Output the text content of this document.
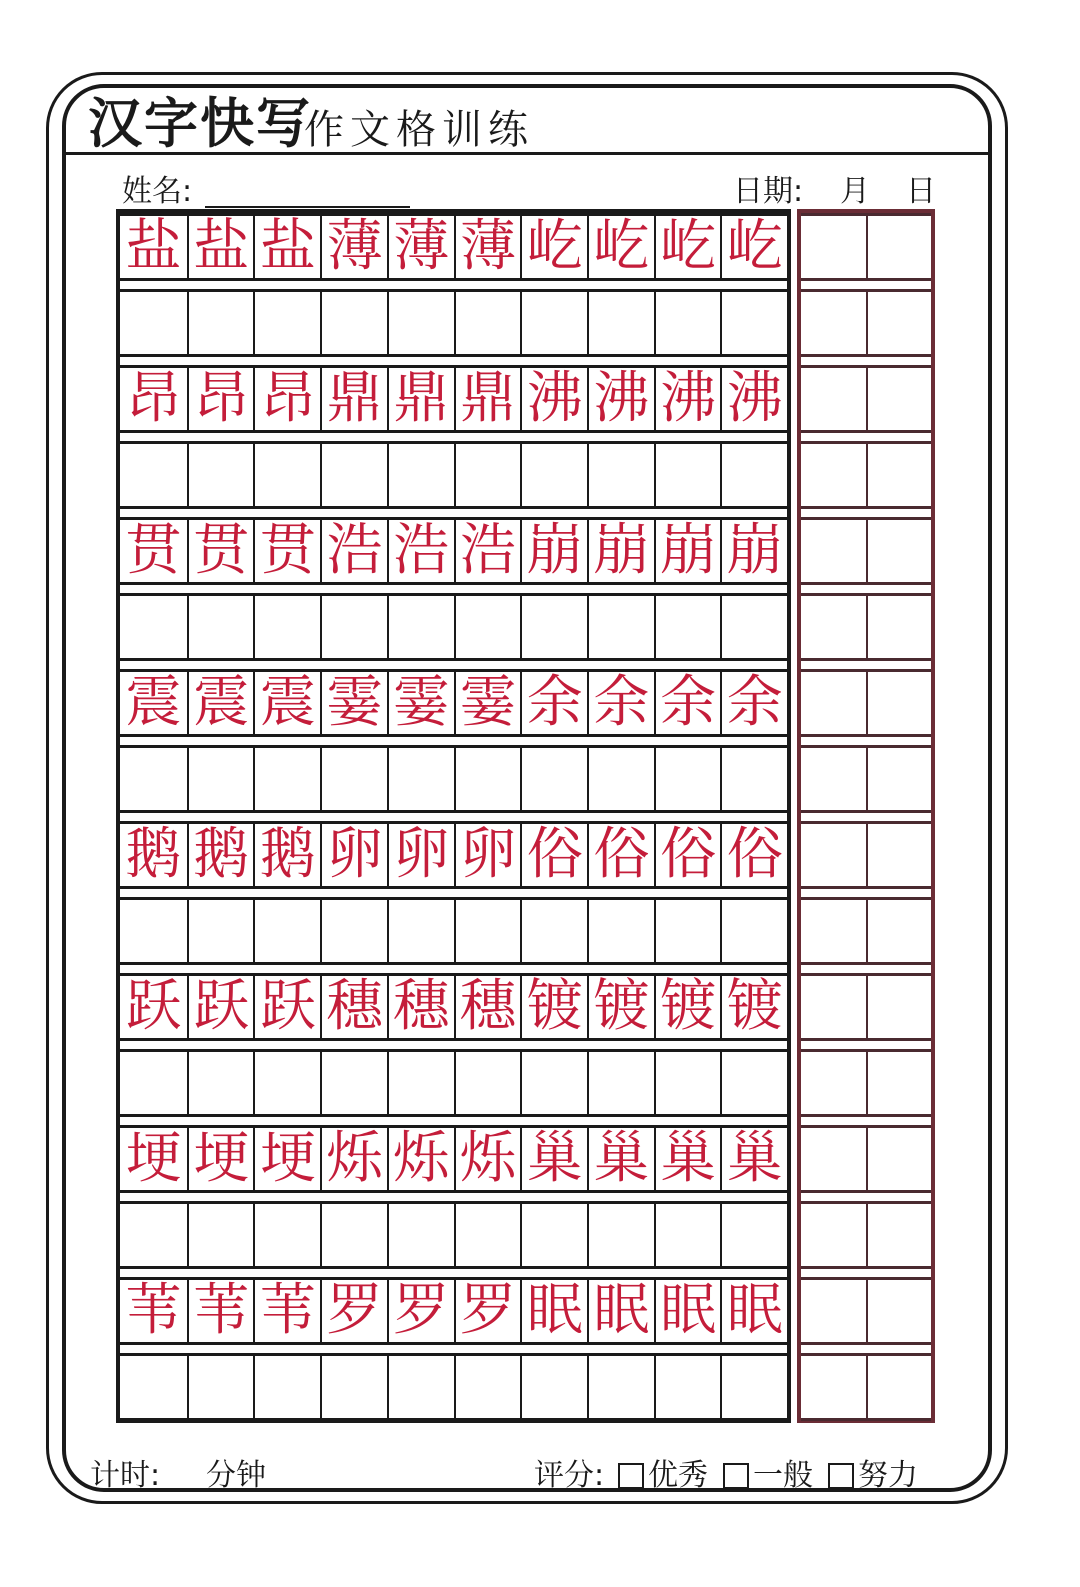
汉字快写
作文格训练
姓名:	日期: 月 日
盐 盐 盐 薄 薄 薄 屹 屹 屹 屹
昂 昂 昂 鼎 鼎 鼎 沸 沸 沸 沸
贯 贯 贯 浩 浩 浩 崩 崩 崩 崩
震 震 震 霎 霎 霎 余 余 余 余
鹅 鹅 鹅 卵 卵 卵 俗 俗 俗 俗
跃 跃 跃 穗 穗 穗 镀 镀 镀 镀
埂 埂 埂 烁 烁 烁 巢 巢 巢 巢
苇 苇 苇 罗 罗 罗 眠 眠 眠 眠
计时: 分钟	评分: 优秀 一般 努力
